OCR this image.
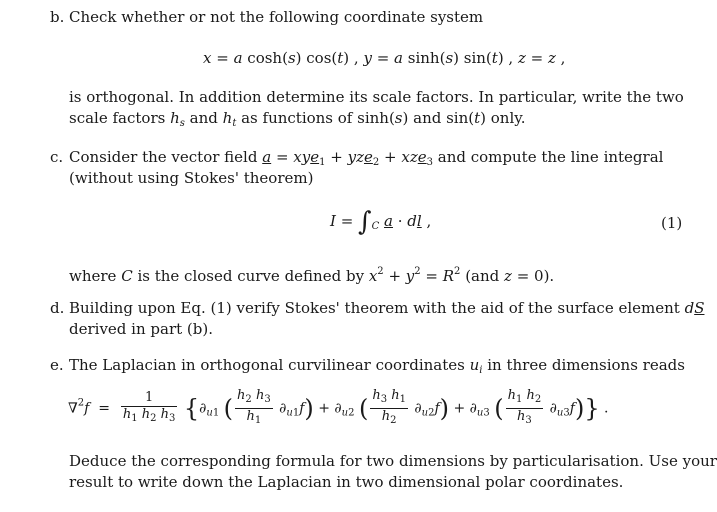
b. Check whether or not the following coordinate system
x = a cosh(s) cos(t) , y = a sinh(s) sin(t) , z = z ,
is orthogonal. In addition determine its scale factors. In particular, write the two
scale factors $h_s$ and $h_t$ as functions of sinh(s) and sin(t) only.
c. Consider the vector field a = xye$_1$ + yze$_2$ + xze$_3$ and compute the line integral
(without using Stokes' theorem)
$I = \int_C$ a · dl ,	(1)
where C is the closed curve defined by $x^2 + y^2 = R^2$ (and z = 0).
d. Building upon Eq. (1) verify Stokes' theorem with the aid of the surface element dS
derived in part (b).
e. The Laplacian in orthogonal curvilinear coordinates $u_i$ in three dimensions reads
$\nabla^2f = \frac{1}{h_1 h_2 h_3} \{\partial_{u1}$ ( $\frac{h_2 h_3}{h_1} \partial_{u1}f) + \partial_{u2}$ ( $\frac{h_3 h_1}{h_2} \partial_{u2}f) + \partial_{u3}$ ( $\frac{h_1 h_2}{h_3} \partial_{u3}f$)} .
Deduce the corresponding formula for two dimensions by particularisation. Use your
result to write down the Laplacian in two dimensional polar coordinates.
